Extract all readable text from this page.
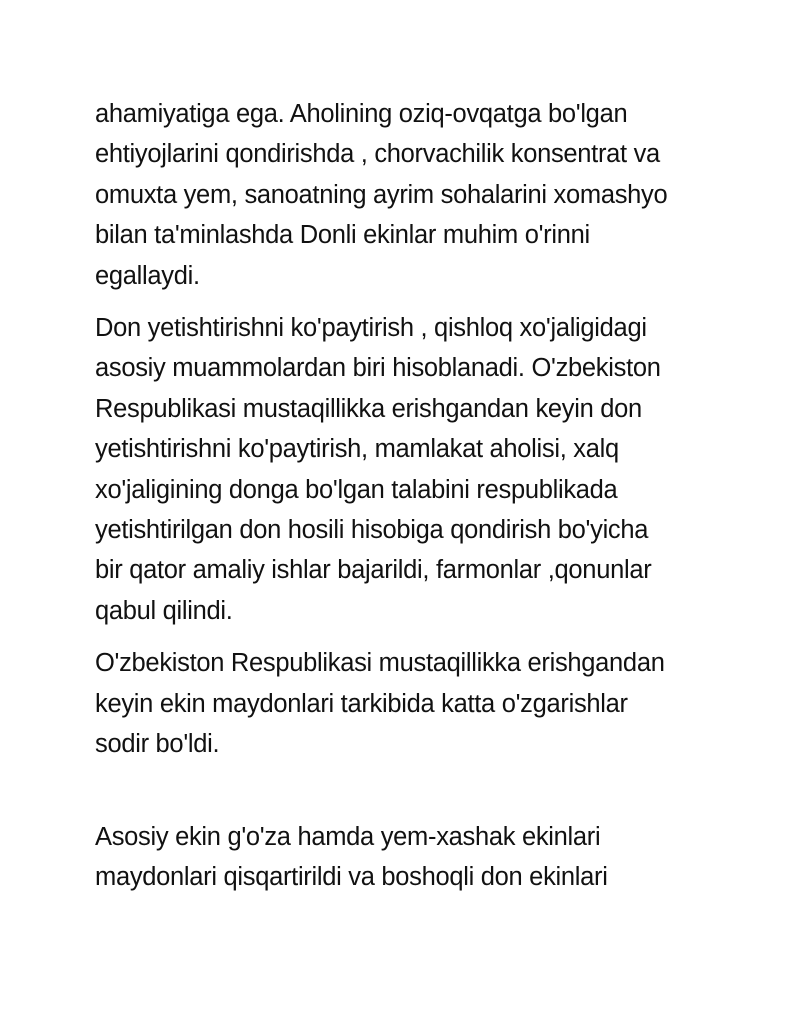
ahamiyatiga ega. Aholining oziq-ovqatga bo'lgan
ehtiyojlarini qondirishda , chorvachilik konsentrat va
omuxta yem, sanoatning ayrim sohalarini xomashyo
bilan ta'minlashda Donli ekinlar muhim o'rinni
egallaydi.

Don yetishtirishni ko'paytirish , qishloq xo'jaligidagi
asosiy muammolardan biri hisoblanadi. O'zbekiston
Respublikasi mustaqillikka erishgandan keyin don
yetishtirishni ko'paytirish, mamlakat aholisi, xalq
xo'jaligining donga bo'lgan talabini respublikada
yetishtirilgan don hosili hisobiga qondirish bo'yicha
bir qator amaliy ishlar bajarildi, farmonlar ,qonunlar
qabul qilindi.

O'zbekiston Respublikasi mustaqillikka erishgandan
keyin ekin maydonlari tarkibida katta o'zgarishlar
sodir bo'ldi.

Asosiy ekin g'o'za hamda yem-xashak ekinlari
maydonlari qisqartirildi va boshoqli don ekinlari
